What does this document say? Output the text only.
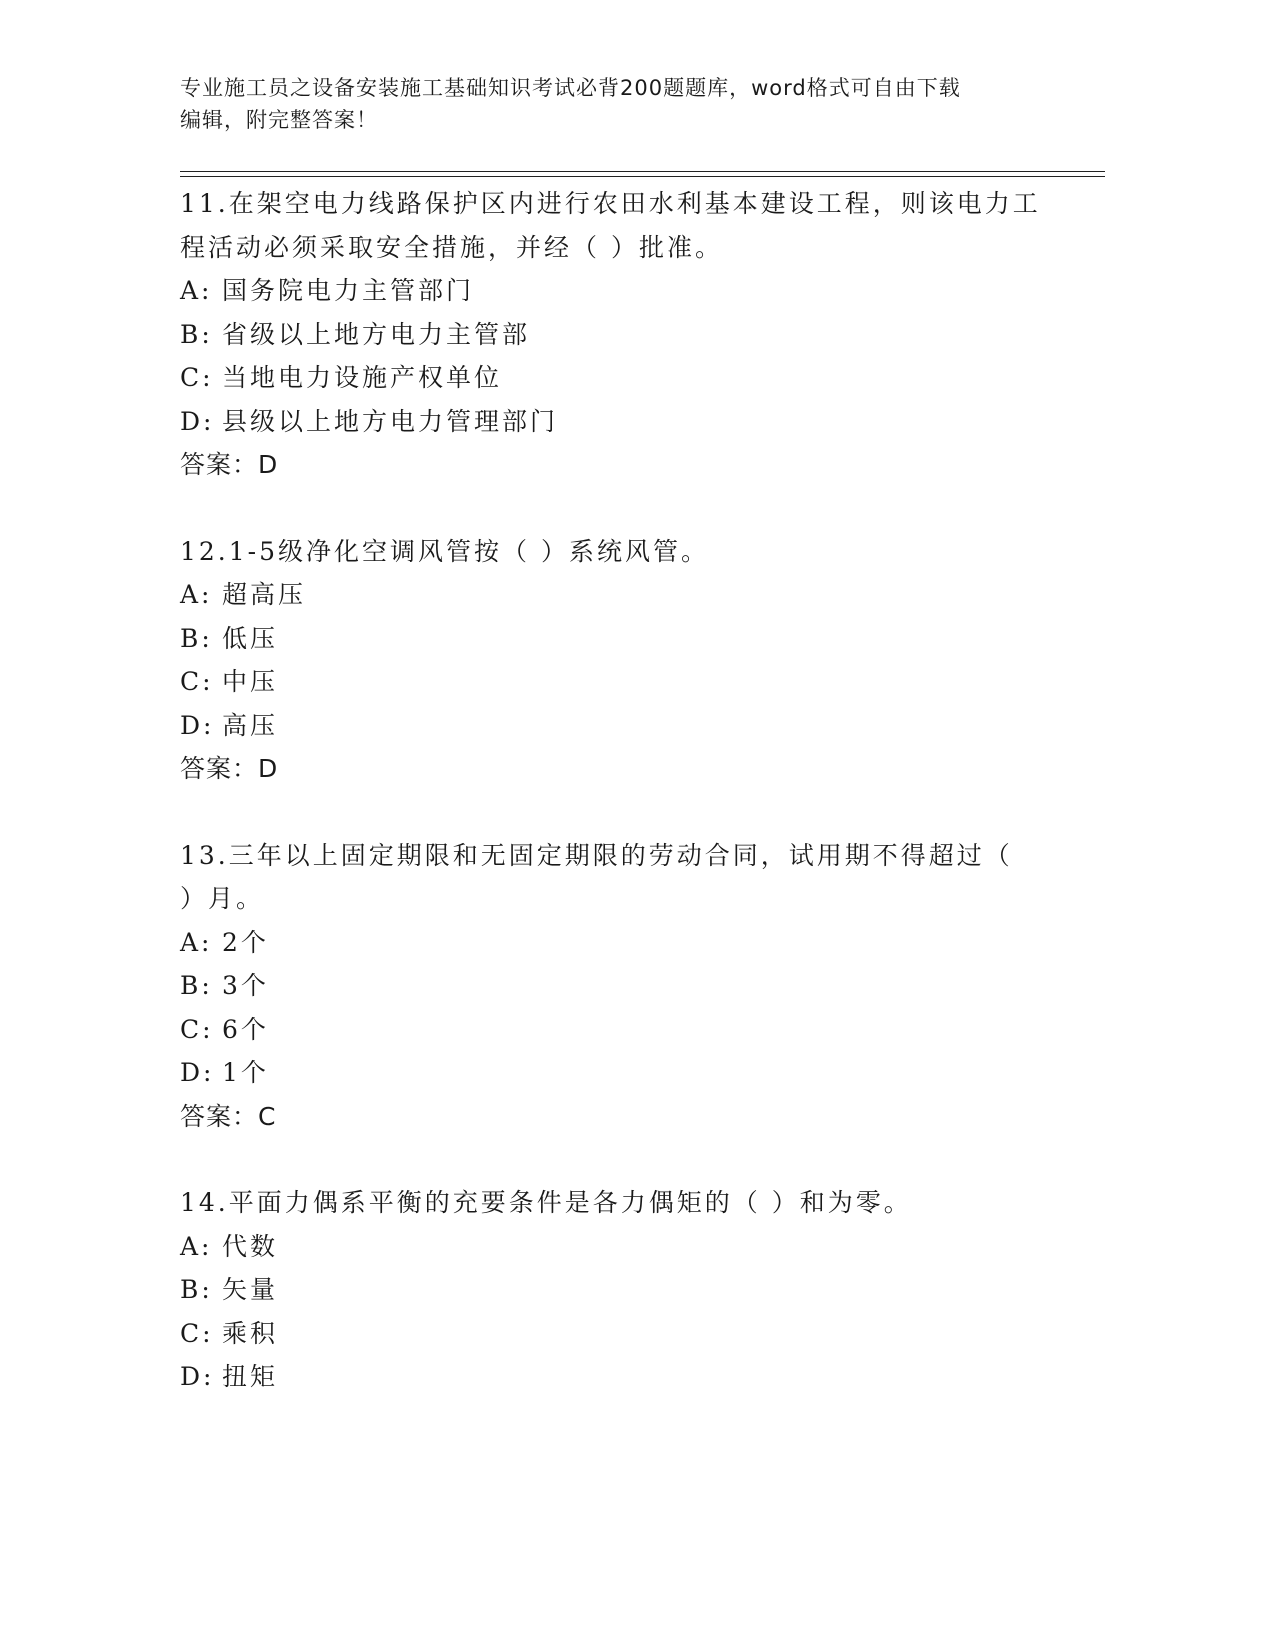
专业施工员之设备安装施工基础知识考试必背200题题库，word格式可自由下载
编辑，附完整答案！
11.在架空电力线路保护区内进行农田水利基本建设工程，则该电力工
程活动必须采取安全措施，并经（ ）批准。
A: 国务院电力主管部门
B: 省级以上地方电力主管部
C: 当地电力设施产权单位
D: 县级以上地方电力管理部门
答案：D
12.1-5级净化空调风管按（ ）系统风管。
A: 超高压
B: 低压
C: 中压
D: 高压
答案：D
13.三年以上固定期限和无固定期限的劳动合同，试用期不得超过（
）月。
A: 2个
B: 3个
C: 6个
D: 1个
答案：C
14.平面力偶系平衡的充要条件是各力偶矩的（ ）和为零。
A: 代数
B: 矢量
C: 乘积
D: 扭矩
